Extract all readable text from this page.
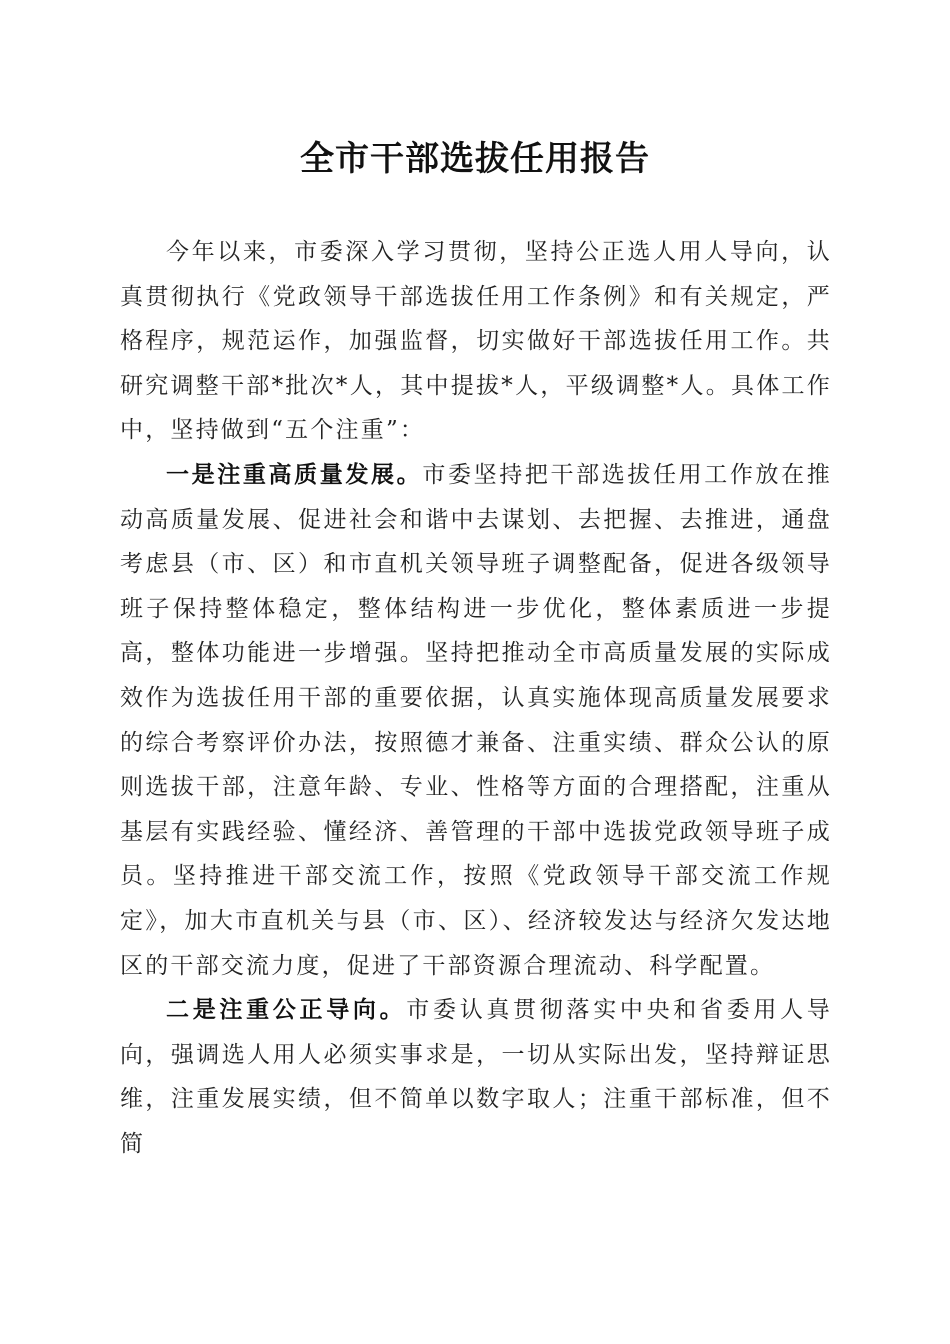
全市干部选拔任用报告

今年以来，市委深入学习贯彻，坚持公正选人用人导向，认真贯彻执行《党政领导干部选拔任用工作条例》和有关规定，严格程序，规范运作，加强监督，切实做好干部选拔任用工作。共研究调整干部*批次*人，其中提拔*人，平级调整*人。具体工作中，坚持做到“五个注重”：

一是注重高质量发展。市委坚持把干部选拔任用工作放在推动高质量发展、促进社会和谐中去谋划、去把握、去推进，通盘考虑县（市、区）和市直机关领导班子调整配备，促进各级领导班子保持整体稳定，整体结构进一步优化，整体素质进一步提高，整体功能进一步增强。坚持把推动全市高质量发展的实际成效作为选拔任用干部的重要依据，认真实施体现高质量发展要求的综合考察评价办法，按照德才兼备、注重实绩、群众公认的原则选拔干部，注意年龄、专业、性格等方面的合理搭配，注重从基层有实践经验、懂经济、善管理的干部中选拔党政领导班子成员。坚持推进干部交流工作，按照《党政领导干部交流工作规定》，加大市直机关与县（市、区）、经济较发达与经济欠发达地区的干部交流力度，促进了干部资源合理流动、科学配置。

二是注重公正导向。市委认真贯彻落实中央和省委用人导向，强调选人用人必须实事求是，一切从实际出发，坚持辩证思维，注重发展实绩，但不简单以数字取人；注重干部标准，但不简
